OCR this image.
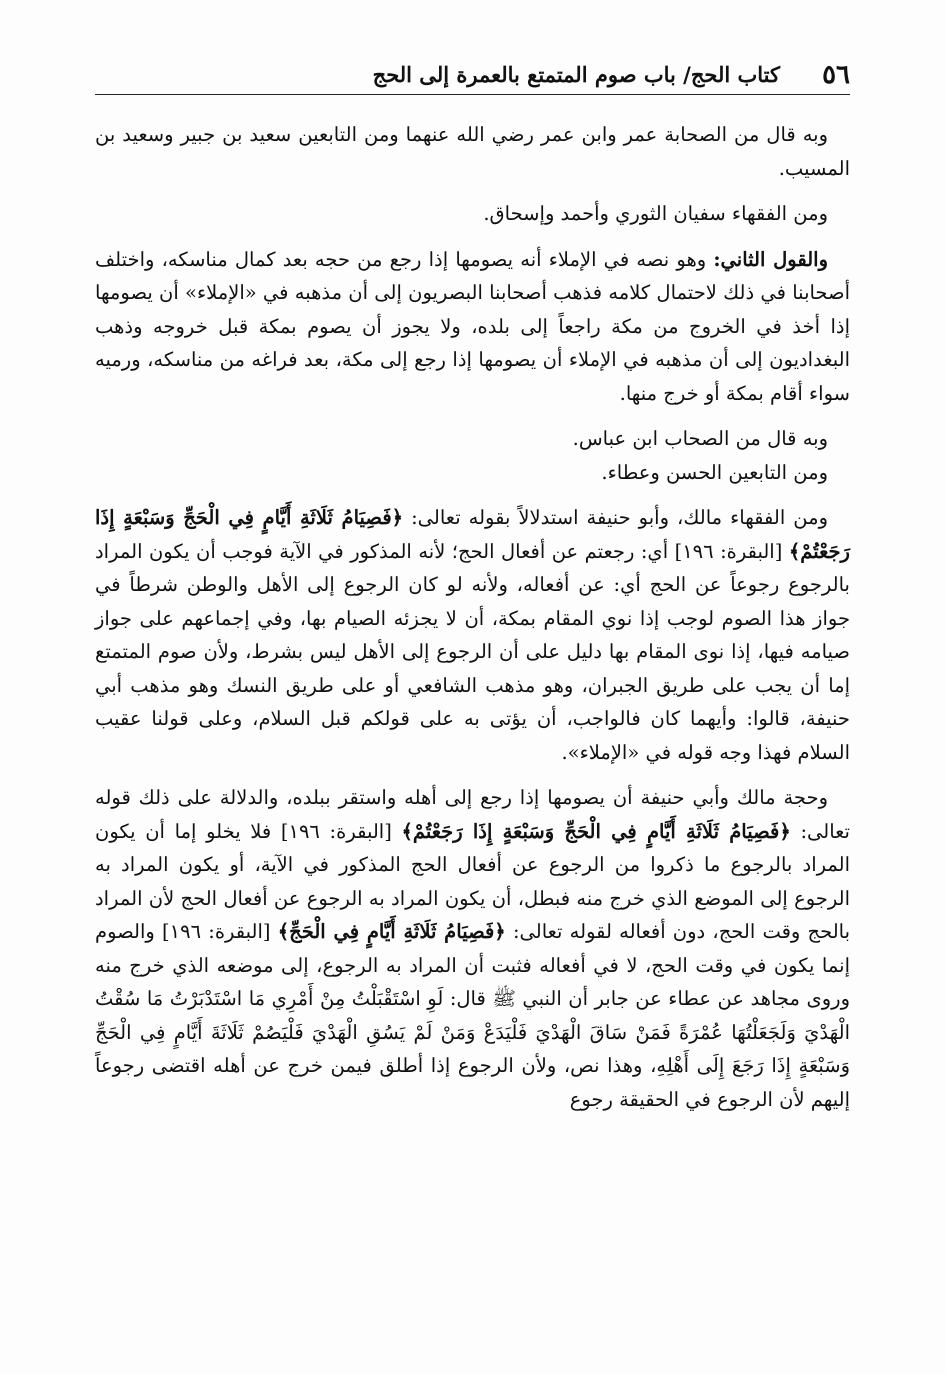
٥٦
كتاب الحج/ باب صوم المتمتع بالعمرة إلى الحج

وبه قال من الصحابة عمر وابن عمر رضي الله عنهما ومن التابعين سعيد بن جبير وسعيد بن المسيب.

ومن الفقهاء سفيان الثوري وأحمد وإسحاق.

والقول الثاني: وهو نصه في الإملاء أنه يصومها إذا رجع من حجه بعد كمال مناسكه، واختلف أصحابنا في ذلك لاحتمال كلامه فذهب أصحابنا البصريون إلى أن مذهبه في «الإملاء» أن يصومها إذا أخذ في الخروج من مكة راجعاً إلى بلده، ولا يجوز أن يصوم بمكة قبل خروجه وذهب البغداديون إلى أن مذهبه في الإملاء أن يصومها إذا رجع إلى مكة، بعد فراغه من مناسكه، ورميه سواء أقام بمكة أو خرج منها.

وبه قال من الصحاب ابن عباس.

ومن التابعين الحسن وعطاء.

ومن الفقهاء مالك، وأبو حنيفة استدلالاً بقوله تعالى: ﴿فَصِيَامُ ثَلَاثَةِ أَيَّامٍ فِي الْحَجِّ وَسَبْعَةٍ إِذَا رَجَعْتُمْ﴾ [البقرة: ١٩٦] أي: رجعتم عن أفعال الحج؛ لأنه المذكور في الآية فوجب أن يكون المراد بالرجوع رجوعاً عن الحج أي: عن أفعاله، ولأنه لو كان الرجوع إلى الأهل والوطن شرطاً في جواز هذا الصوم لوجب إذا نوي المقام بمكة، أن لا يجزئه الصيام بها، وفي إجماعهم على جواز صيامه فيها، إذا نوى المقام بها دليل على أن الرجوع إلى الأهل ليس بشرط، ولأن صوم المتمتع إما أن يجب على طريق الجبران، وهو مذهب الشافعي أو على طريق النسك وهو مذهب أبي حنيفة، قالوا: وأيهما كان فالواجب، أن يؤتى به على قولكم قبل السلام، وعلى قولنا عقيب السلام فهذا وجه قوله في «الإملاء».

وحجة مالك وأبي حنيفة أن يصومها إذا رجع إلى أهله واستقر ببلده، والدلالة على ذلك قوله تعالى: ﴿فَصِيَامُ ثَلَاثَةِ أَيَّامٍ فِي الْحَجِّ وَسَبْعَةٍ إِذَا رَجَعْتُمْ﴾ [البقرة: ١٩٦] فلا يخلو إما أن يكون المراد بالرجوع ما ذكروا من الرجوع عن أفعال الحج المذكور في الآية، أو يكون المراد به الرجوع إلى الموضع الذي خرج منه فبطل، أن يكون المراد به الرجوع عن أفعال الحج لأن المراد بالحج وقت الحج، دون أفعاله لقوله تعالى: ﴿فَصِيَامُ ثَلَاثَةِ أَيَّامٍ فِي الْحَجِّ﴾ [البقرة: ١٩٦] والصوم إنما يكون في وقت الحج، لا في أفعاله فثبت أن المراد به الرجوع، إلى موضعه الذي خرج منه وروى مجاهد عن عطاء عن جابر أن النبي ﷺ قال: لَوِ اسْتَقْبَلْتُ مِنْ أَمْرِي مَا اسْتَدْبَرْتُ مَا سُقْتُ الْهَدْيَ وَلَجَعَلْتُهَا عُمْرَةً فَمَنْ سَاقَ الْهَدْيَ فَلْيَدَعْ وَمَنْ لَمْ يَسُقِ الْهَدْيَ فَلْيَصُمْ ثَلَاثَةَ أَيَّامٍ فِي الْحَجِّ وَسَبْعَةٍ إِذَا رَجَعَ إِلَى أَهْلِهِ، وهذا نص، ولأن الرجوع إذا أطلق فيمن خرج عن أهله اقتضى رجوعاً إليهم لأن الرجوع في الحقيقة رجوع
